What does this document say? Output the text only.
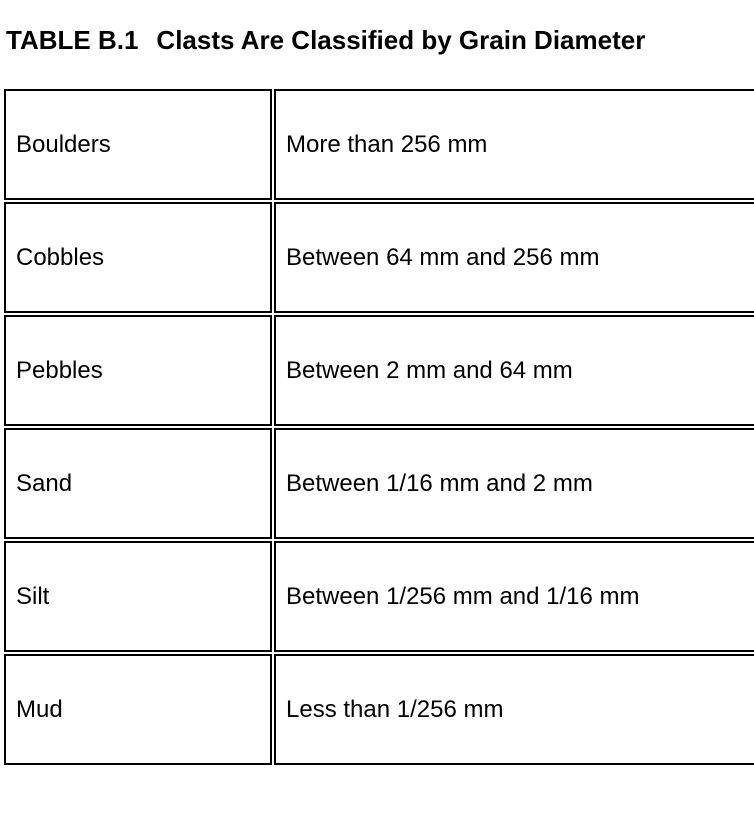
TABLE B.1 Clasts Are Classified by Grain Diameter
Boulders	More than 256 mm
Cobbles	Between 64 mm and 256 mm
Pebbles	Between 2 mm and 64 mm
Sand	Between 1/16 mm and 2 mm
Silt	Between 1/256 mm and 1/16 mm
Mud	Less than 1/256 mm
